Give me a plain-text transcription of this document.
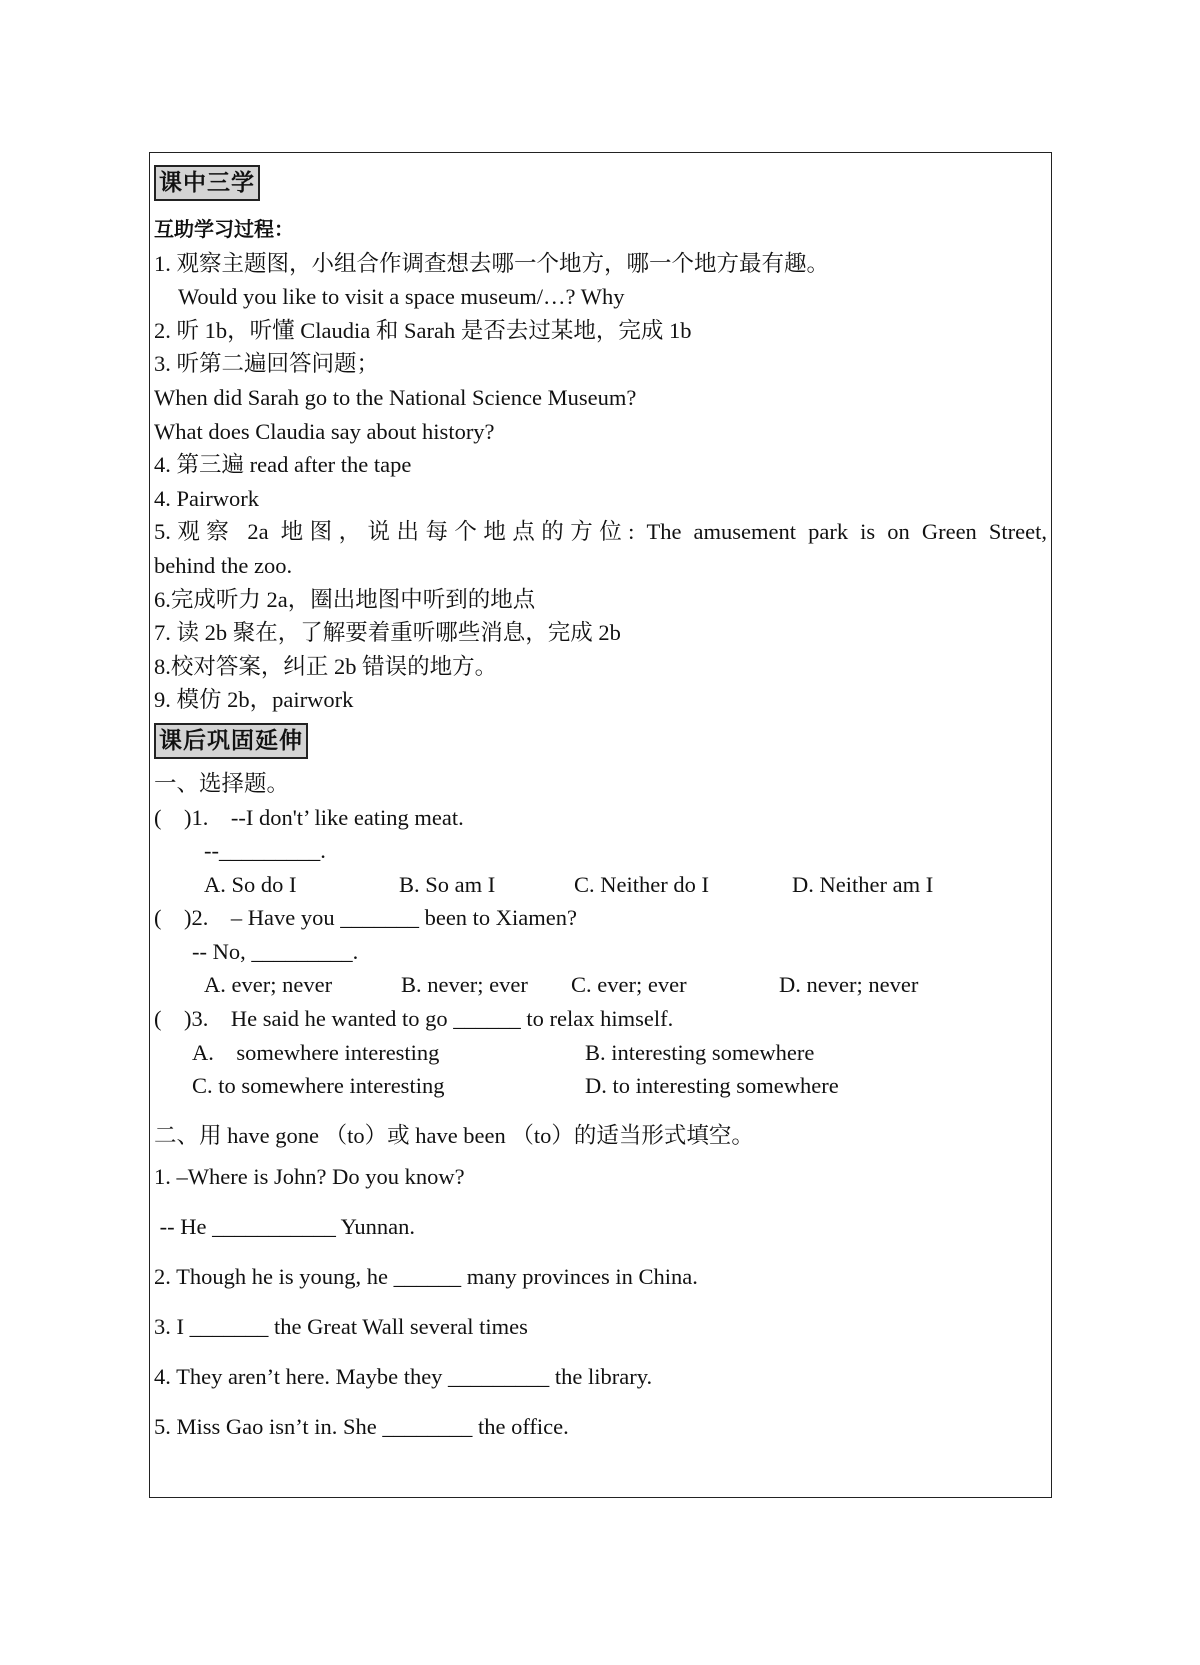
课中三学
互助学习过程：
1. 观察主题图，小组合作调查想去哪一个地方，哪一个地方最有趣。
Would you like to visit a space museum/…? Why
2. 听 1b，听懂 Claudia 和 Sarah 是否去过某地，完成 1b
3. 听第二遍回答问题；
When did Sarah go to the National Science Museum?
What does Claudia say about history?
4. 第三遍 read after the tape
4. Pairwork
5.观察 2a 地图，说出每个地点的方位: The amusement park is on Green Street,
behind the zoo.
6.完成听力 2a，圈出地图中听到的地点
7. 读 2b 聚在，了解要着重听哪些消息，完成 2b
8.校对答案，纠正 2b 错误的地方。
9. 模仿 2b，pairwork
课后巩固延伸
一、选择题。
(    )1.    --I don't’ like eating meat.
--_________.
A. So do I	B. So am I	C. Neither do I	D. Neither am I
(    )2.    – Have you _______ been to Xiamen?
-- No, _________.
A. ever; never	B. never; ever	C. ever; ever	D. never; never
(    )3.    He said he wanted to go ______ to relax himself.
A.    somewhere interesting	B. interesting somewhere
C. to somewhere interesting	D. to interesting somewhere
二、用 have gone （to）或 have been （to）的适当形式填空。
1. –Where is John? Do you know?
-- He ___________ Yunnan.
2. Though he is young, he ______ many provinces in China.
3. I _______ the Great Wall several times
4. They aren’t here. Maybe they _________ the library.
5. Miss Gao isn’t in. She ________ the office.
